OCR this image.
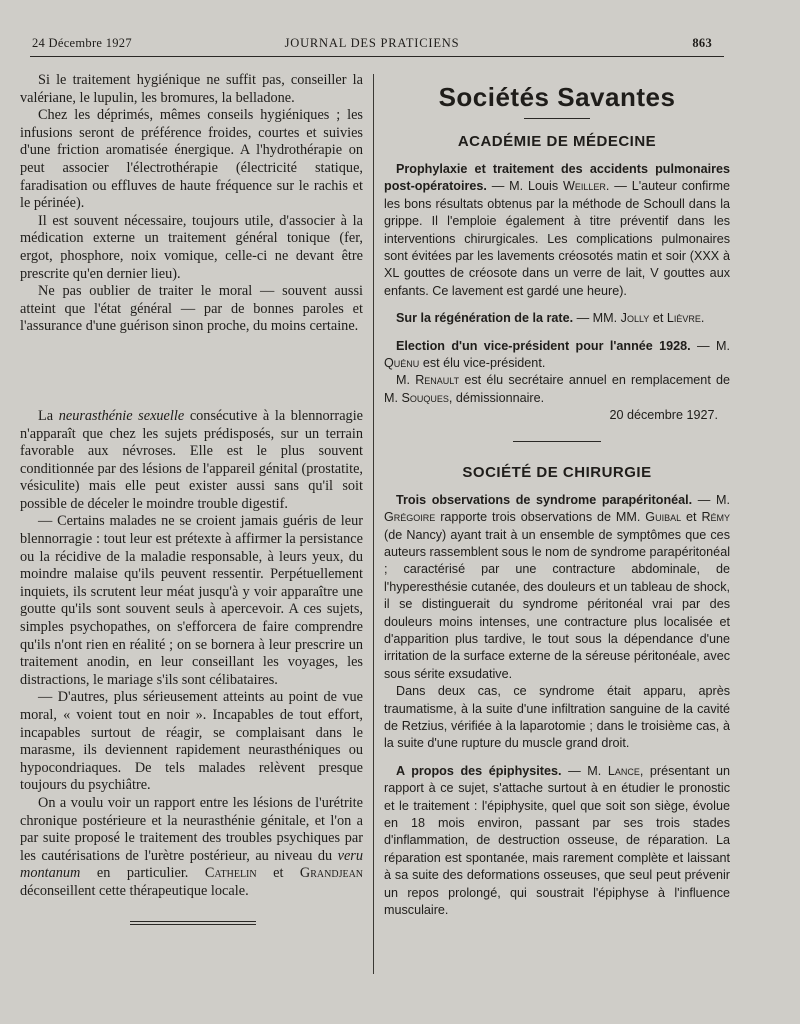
JOURNAL DES PRATICIENS
24 Décembre 1927	863

Si le traitement hygiénique ne suffit pas, conseiller la valériane, le lupulin, les bromures, la belladone.

Chez les déprimés, mêmes conseils hygiéniques ; les infusions seront de préférence froides, courtes et suivies d'une friction aromatisée énergique. A l'hydrothérapie on peut associer l'électrothérapie (électricité statique, faradisation ou effluves de haute fréquence sur le rachis et le périnée).

Il est souvent nécessaire, toujours utile, d'associer à la médication externe un traitement général tonique (fer, ergot, phosphore, noix vomique, celle-ci ne devant être prescrite qu'en dernier lieu).

Ne pas oublier de traiter le moral — souvent aussi atteint que l'état général — par de bonnes paroles et l'assurance d'une guérison sinon proche, du moins certaine.

La neurasthénie sexuelle consécutive à la blennorragie n'apparaît que chez les sujets prédisposés, sur un terrain favorable aux névroses. Elle est le plus souvent conditionnée par des lésions de l'appareil génital (prostatite, vésiculite) mais elle peut exister aussi sans qu'il soit possible de déceler le moindre trouble digestif.

— Certains malades ne se croient jamais guéris de leur blennorragie : tout leur est prétexte à affirmer la persistance ou la récidive de la maladie responsable, à leurs yeux, du moindre malaise qu'ils peuvent ressentir. Perpétuellement inquiets, ils scrutent leur méat jusqu'à y voir apparaître une goutte qu'ils sont souvent seuls à apercevoir. A ces sujets, simples psychopathes, on s'efforcera de faire comprendre qu'ils n'ont rien en réalité ; on se bornera à leur prescrire un traitement anodin, en leur conseillant les voyages, les distractions, le mariage s'ils sont célibataires.

— D'autres, plus sérieusement atteints au point de vue moral, « voient tout en noir ». Incapables de tout effort, incapables surtout de réagir, se complaisant dans le marasme, ils deviennent rapidement neurasthéniques ou hypocondriaques. De tels malades relèvent presque toujours du psychiâtre.

On a voulu voir un rapport entre les lésions de l'urétrite chronique postérieure et la neurasthénie génitale, et l'on a par suite proposé le traitement des troubles psychiques par les cautérisations de l'urètre postérieur, au niveau du veru montanum en particulier. Cathelin et Grandjean déconseillent cette thérapeutique locale.

Sociétés Savantes
ACADÉMIE DE MÉDECINE

Prophylaxie et traitement des accidents pulmonaires post-opératoires. — M. Louis Weiller. — L'auteur confirme les bons résultats obtenus par la méthode de Schoull dans la grippe. Il l'emploie également à titre préventif dans les interventions chirurgicales. Les complications pulmonaires sont évitées par les lavements créosotés matin et soir (XXX à XL gouttes de créosote dans un verre de lait, V gouttes aux enfants. Ce lavement est gardé une heure).

Sur la régénération de la rate. — MM. Jolly et Lièvre.

Election d'un vice-président pour l'année 1928. — M. Quénu est élu vice-président.

M. Renault est élu secrétaire annuel en remplacement de M. Souques, démissionnaire.

20 décembre 1927.

SOCIÉTÉ DE CHIRURGIE

Trois observations de syndrome parapéritonéal. — M. Grégoire rapporte trois observations de MM. Guibal et Rémy (de Nancy) ayant trait à un ensemble de symptômes que ces auteurs rassemblent sous le nom de syndrome parapéritonéal ; caractérisé par une contracture abdominale, de l'hyperesthésie cutanée, des douleurs et un tableau de shock, il se distinguerait du syndrome péritonéal vrai par des douleurs moins intenses, une contracture plus localisée et d'apparition plus tardive, le tout sous la dépendance d'une irritation de la surface externe de la séreuse péritonéale, avec sous sérite exsudative.

Dans deux cas, ce syndrome était apparu, après traumatisme, à la suite d'une infiltration sanguine de la cavité de Retzius, vérifiée à la laparotomie ; dans le troisième cas, à la suite d'une rupture du muscle grand droit.

A propos des épiphysites. — M. Lance, présentant un rapport à ce sujet, s'attache surtout à en étudier le pronostic et le traitement : l'épiphysite, quel que soit son siège, évolue en 18 mois environ, passant par ses trois stades d'inflammation, de destruction osseuse, de réparation. La réparation est spontanée, mais rarement complète et laissant à sa suite des deformations osseuses, que seul peut prévenir un repos prolongé, qui soustrait l'épiphyse à l'influence musculaire.
